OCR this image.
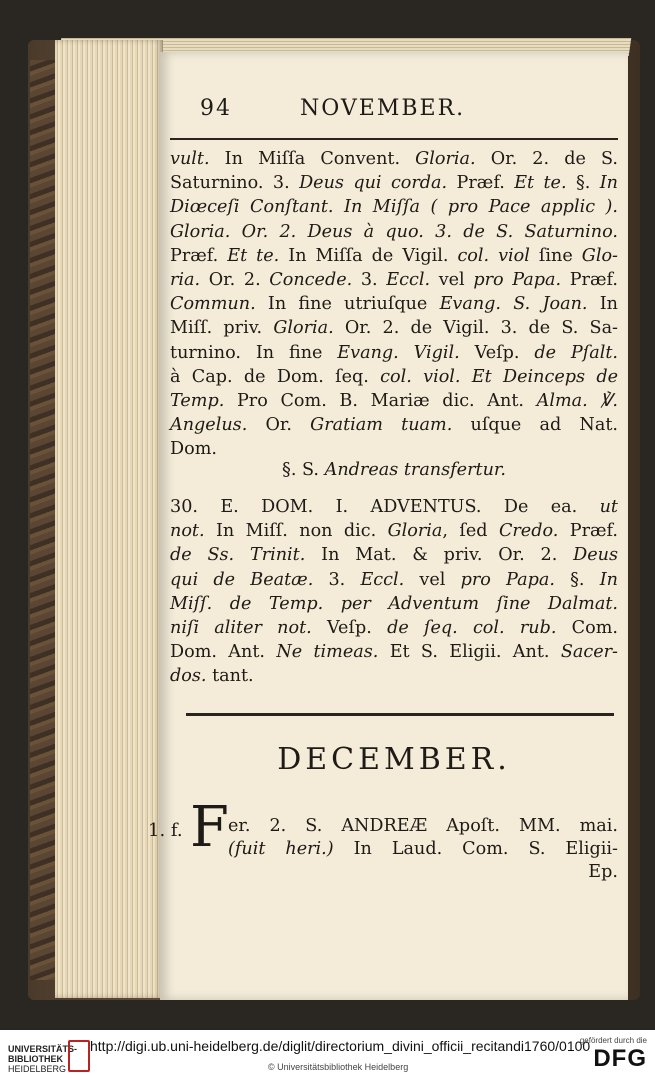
94	NOVEMBER.
vult. In Miſſa Convent. Gloria. Or. 2. de S.
Saturnino. 3. Deus qui corda. Præf. Et te. §. In
Diœceſi Conſtant. In Miſſa ( pro Pace applic ).
Gloria. Or. 2. Deus à quo. 3. de S. Saturnino.
Præf. Et te. In Miſſa de Vigil. col. viol ſine Glo-
ria. Or. 2. Concede. 3. Eccl. vel pro Papa. Præf.
Commun. In fine utriuſque Evang. S. Joan. In
Miſſ. priv. Gloria. Or. 2. de Vigil. 3. de S. Sa-
turnino. In fine Evang. Vigil. Veſp. de Pſalt.
à Cap. de Dom. ſeq. col. viol. Et Deinceps de
Temp. Pro Com. B. Mariæ dic. Ant. Alma. ℣.
Angelus. Or. Gratiam tuam. uſque ad Nat.
Dom.
§. S. Andreas transfertur.
30. E. DOM. I. ADVENTUS. De ea. ut
not. In Miſſ. non dic. Gloria, ſed Credo. Præf.
de Ss. Trinit. In Mat. & priv. Or. 2. Deus
qui de Beatæ. 3. Eccl. vel pro Papa. §. In
Miſſ. de Temp. per Adventum ſine Dalmat.
niſi aliter not. Veſp. de ſeq. col. rub. Com.
Dom. Ant. Ne timeas. Et S. Eligii. Ant. Sacer-
dos. tant.
DECEMBER.
1. f. F er. 2. S. ANDREÆ Apoſt. MM. mai.
(fuit heri.) In Laud. Com. S. Eligii-
Ep.
UNIVERSITÄTS-
BIBLIOTHEK
HEIDELBERG
http://digi.ub.uni-heidelberg.de/diglit/directorium_divini_officii_recitandi1760/0100
© Universitätsbibliothek Heidelberg
gefördert durch die
DFG
